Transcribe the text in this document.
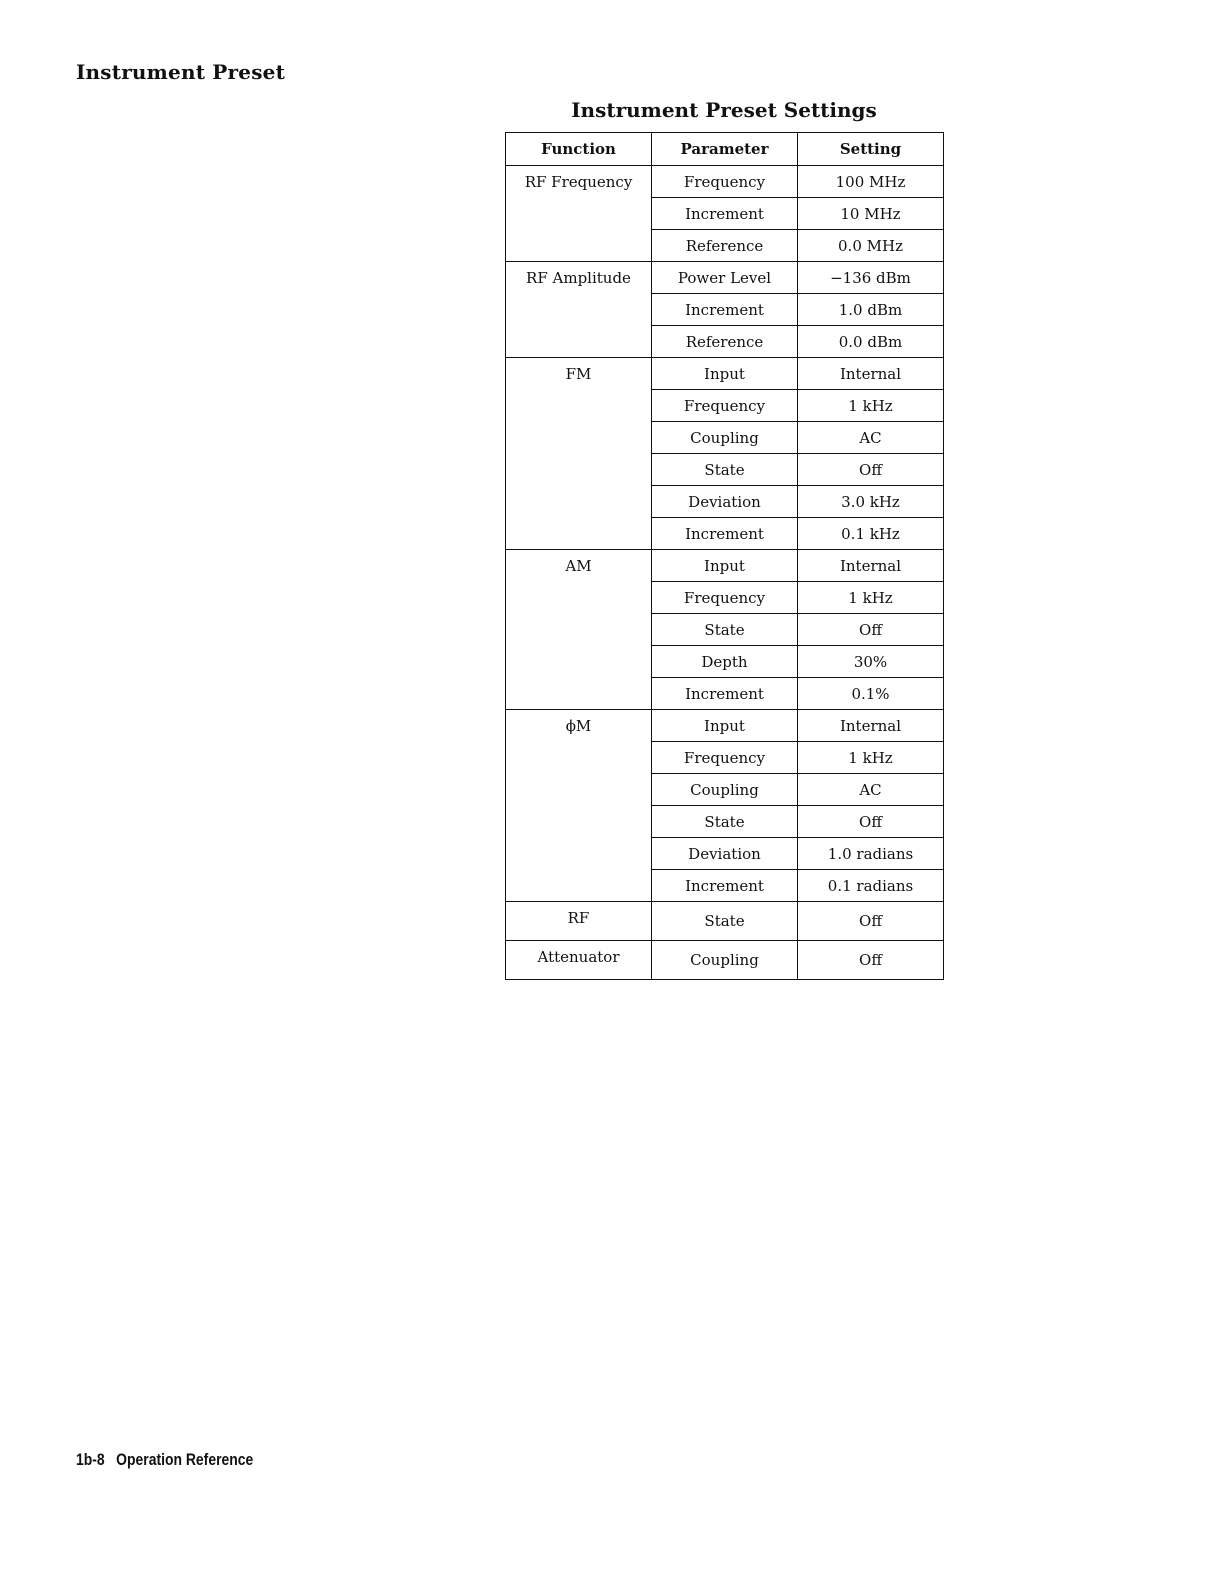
Instrument Preset
Instrument Preset Settings
Function	Parameter	Setting
RF Frequency	Frequency	100 MHz
	Increment	10 MHz
	Reference	0.0 MHz
RF Amplitude	Power Level	−136 dBm
	Increment	1.0 dBm
	Reference	0.0 dBm
FM	Input	Internal
	Frequency	1 kHz
	Coupling	AC
	State	Off
	Deviation	3.0 kHz
	Increment	0.1 kHz
AM	Input	Internal
	Frequency	1 kHz
	State	Off
	Depth	30%
	Increment	0.1%
ϕM	Input	Internal
	Frequency	1 kHz
	Coupling	AC
	State	Off
	Deviation	1.0 radians
	Increment	0.1 radians
RF	State	Off
Attenuator	Coupling	Off
1b-8 Operation Reference
